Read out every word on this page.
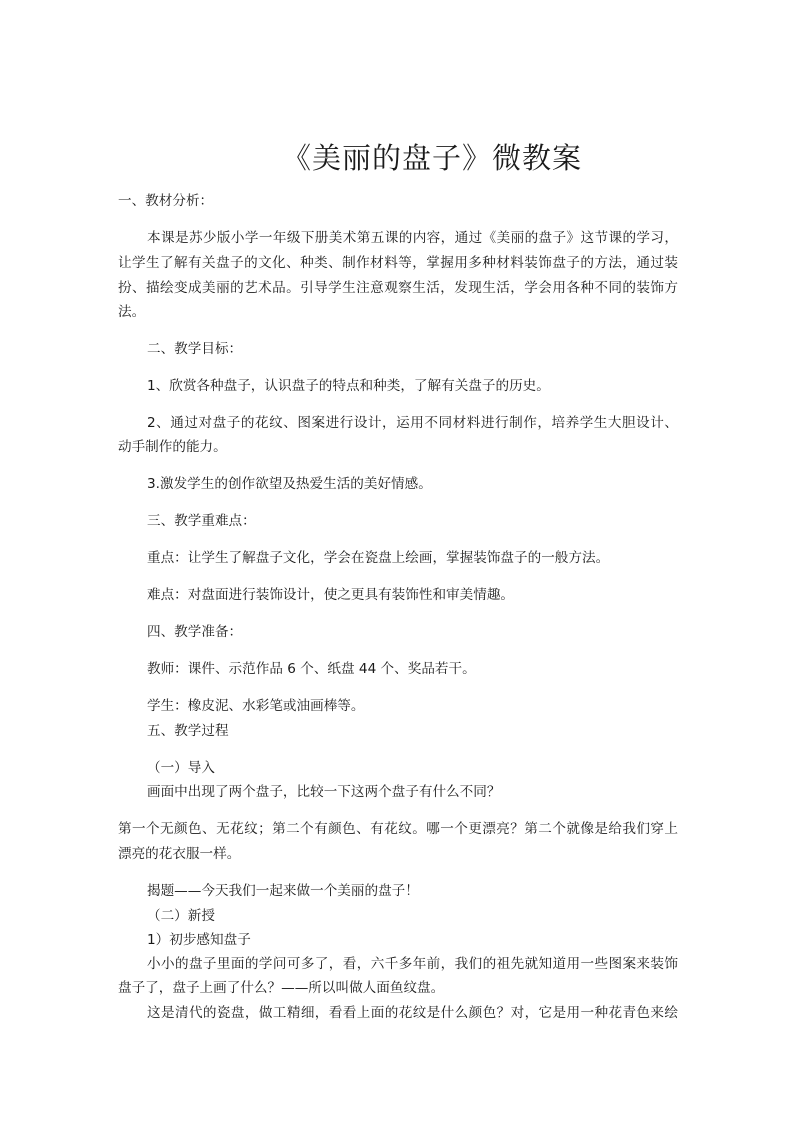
《美丽的盘子》微教案
一、教材分析：
本课是苏少版小学一年级下册美术第五课的内容，通过《美丽的盘子》这节课的学习，
让学生了解有关盘子的文化、种类、制作材料等，掌握用多种材料装饰盘子的方法，通过装
扮、描绘变成美丽的艺术品。引导学生注意观察生活，发现生活，学会用各种不同的装饰方
法。
二、教学目标：
1、欣赏各种盘子，认识盘子的特点和种类，了解有关盘子的历史。
2、通过对盘子的花纹、图案进行设计，运用不同材料进行制作，培养学生大胆设计、
动手制作的能力。
3.激发学生的创作欲望及热爱生活的美好情感。
三、教学重难点：
重点：让学生了解盘子文化，学会在瓷盘上绘画，掌握装饰盘子的一般方法。
难点：对盘面进行装饰设计，使之更具有装饰性和审美情趣。
四、教学准备：
教师：课件、示范作品 6 个、纸盘 44 个、奖品若干。
学生：橡皮泥、水彩笔或油画棒等。
五、教学过程
（一）导入
画面中出现了两个盘子，比较一下这两个盘子有什么不同？
第一个无颜色、无花纹；第二个有颜色、有花纹。哪一个更漂亮？第二个就像是给我们穿上
漂亮的花衣服一样。
揭题——今天我们一起来做一个美丽的盘子！
（二）新授
1）初步感知盘子
小小的盘子里面的学问可多了，看，六千多年前，我们的祖先就知道用一些图案来装饰
盘子了，盘子上画了什么？——所以叫做人面鱼纹盘。
这是清代的瓷盘，做工精细，看看上面的花纹是什么颜色？对，它是用一种花青色来绘
